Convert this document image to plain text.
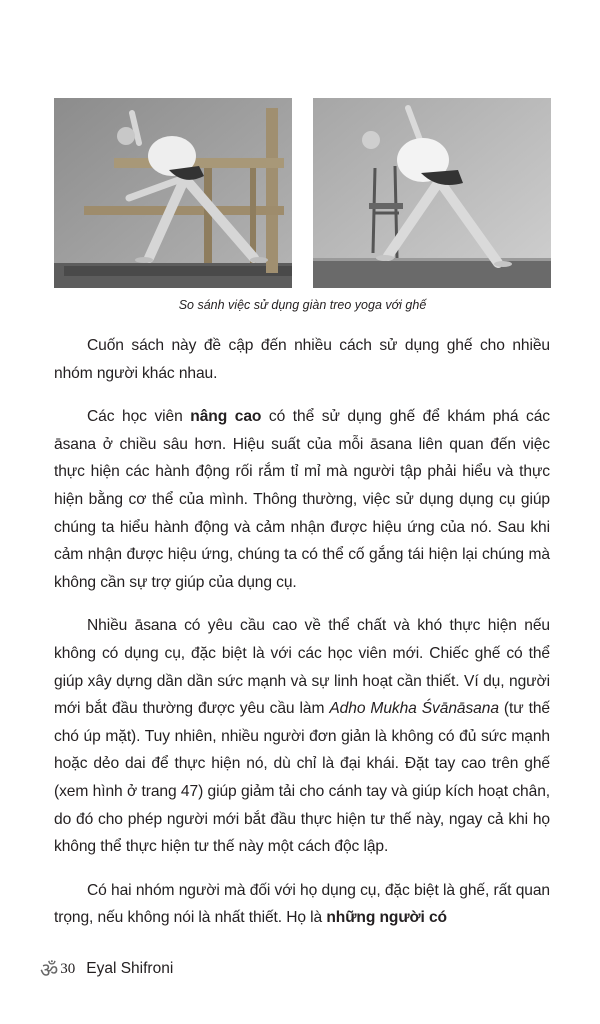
So sánh việc sử dụng giàn treo yoga với ghế

Cuốn sách này đề cập đến nhiều cách sử dụng ghế cho nhiều nhóm người khác nhau.

Các học viên nâng cao có thể sử dụng ghế để khám phá các āsana ở chiều sâu hơn. Hiệu suất của mỗi āsana liên quan đến việc thực hiện các hành động rối rắm tỉ mỉ mà người tập phải hiểu và thực hiện bằng cơ thể của mình. Thông thường, việc sử dụng dụng cụ giúp chúng ta hiểu hành động và cảm nhận được hiệu ứng của nó. Sau khi cảm nhận được hiệu ứng, chúng ta có thể cố gắng tái hiện lại chúng mà không cần sự trợ giúp của dụng cụ.

Nhiều āsana có yêu cầu cao về thể chất và khó thực hiện nếu không có dụng cụ, đặc biệt là với các học viên mới. Chiếc ghế có thể giúp xây dựng dần dần sức mạnh và sự linh hoạt cần thiết. Ví dụ, người mới bắt đầu thường được yêu cầu làm Adho Mukha Śvānāsana (tư thế chó úp mặt). Tuy nhiên, nhiều người đơn giản là không có đủ sức mạnh hoặc dẻo dai để thực hiện nó, dù chỉ là đại khái. Đặt tay cao trên ghế (xem hình ở trang 47) giúp giảm tải cho cánh tay và giúp kích hoạt chân, do đó cho phép người mới bắt đầu thực hiện tư thế này, ngay cả khi họ không thể thực hiện tư thế này một cách độc lập.

Có hai nhóm người mà đối với họ dụng cụ, đặc biệt là ghế, rất quan trọng, nếu không nói là nhất thiết. Họ là những người có

ॐ 30 Eyal Shifroni
